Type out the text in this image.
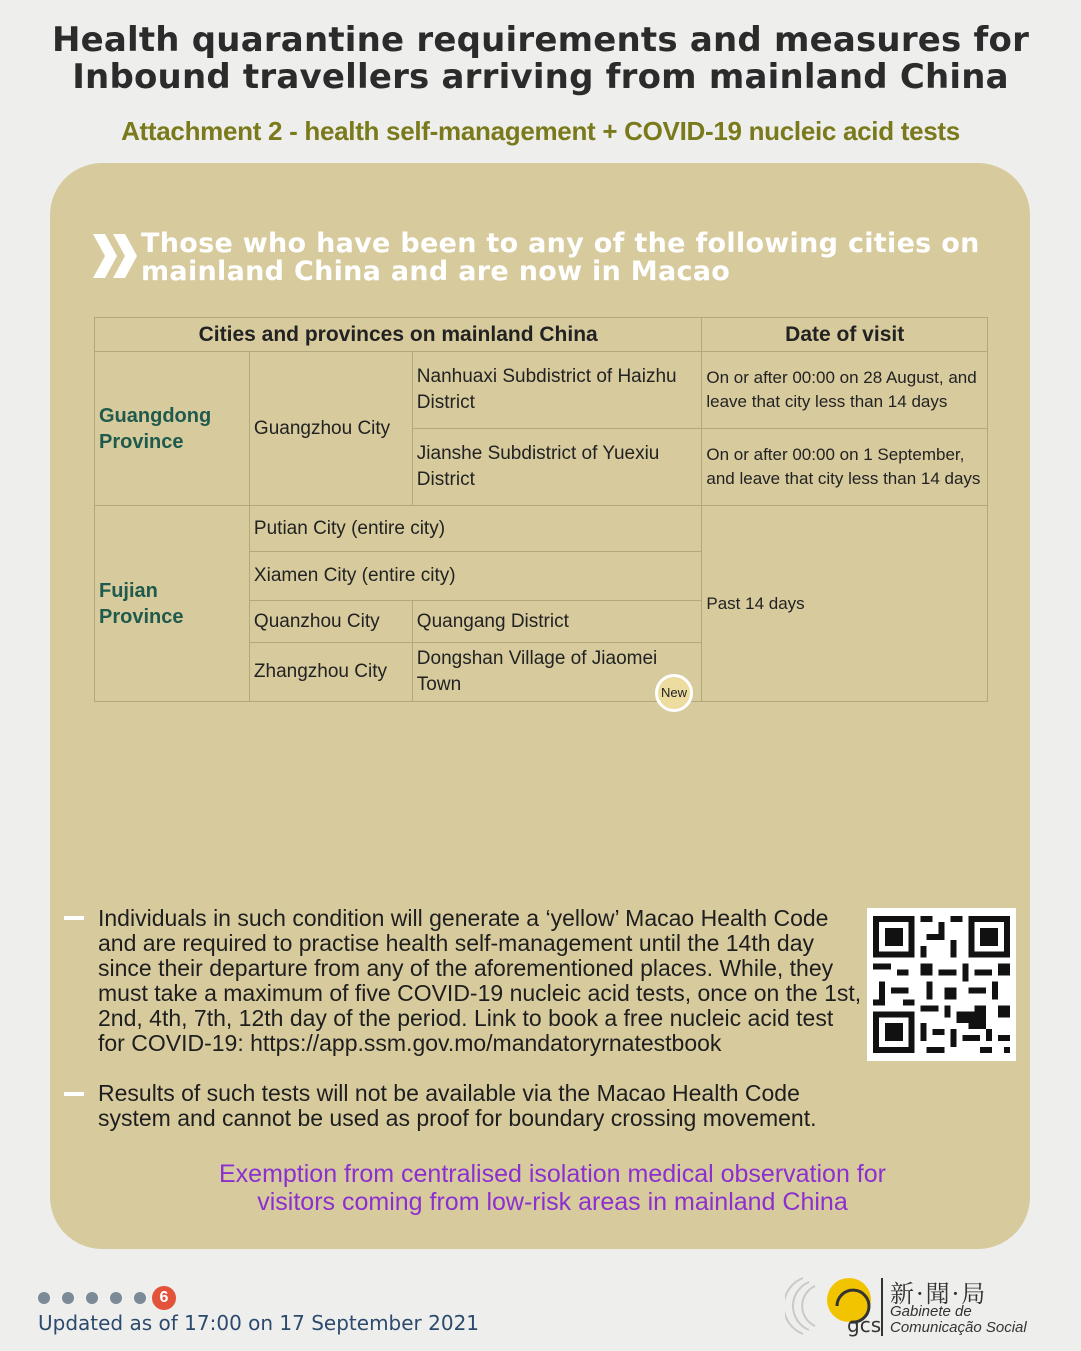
Health quarantine requirements and measures for
Inbound travellers arriving from mainland China
Attachment 2 - health self-management + COVID-19 nucleic acid tests
Those who have been to any of the following cities on
mainland China and are now in Macao
Cities and provinces on mainland China			Date of visit
Guangdong Province	Guangzhou City	Nanhuaxi Subdistrict of Haizhu District	On or after 00:00 on 28 August, and leave that city less than 14 days
		Jianshe Subdistrict of Yuexiu District	On or after 00:00 on 1 September, and leave that city less than 14 days
Fujian Province	Putian City (entire city)		Past 14 days
	Xiamen City (entire city)		
	Quanzhou City	Quangang District	
	Zhangzhou City	Dongshan Village of Jiaomei Town		New
Individuals in such condition will generate a ‘yellow’ Macao Health Code and are required to practise health self-management until the 14th day since their departure from any of the aforementioned places. While, they must take a maximum of five COVID-19 nucleic acid tests, once on the 1st, 2nd, 4th, 7th, 12th day of the period. Link to book a free nucleic acid test for COVID-19: https://app.ssm.gov.mo/mandatoryrnatestbook
Results of such tests will not be available via the Macao Health Code system and cannot be used as proof for boundary crossing movement.
Exemption from centralised isolation medical observation for
visitors coming from low-risk areas in mainland China
6
Updated as of 17:00 on 17 September 2021	gcs
新·聞·局
Gabinete de
Comunicação Social
